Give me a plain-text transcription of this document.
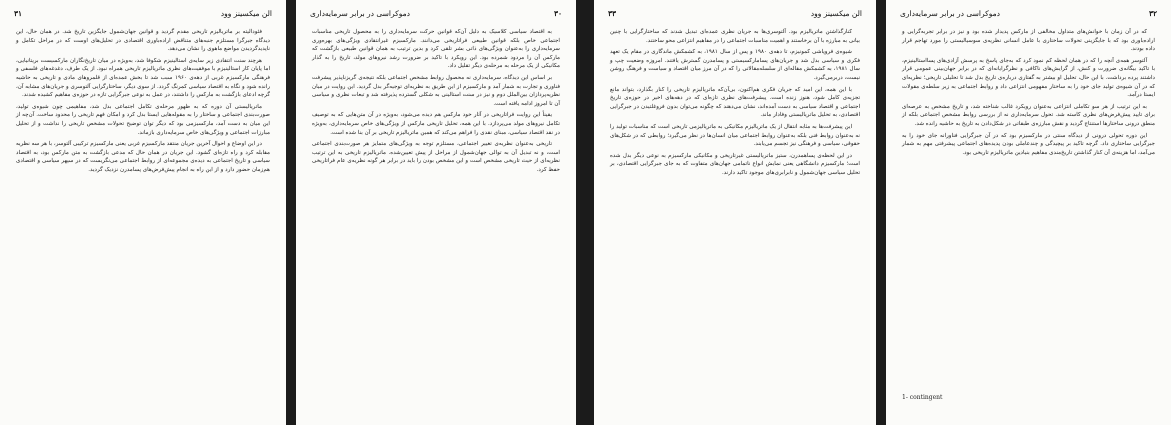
الن میکسینز وود
۳۱

فئودالیته بر ماتریالیزم تاریخی مقدم گردید و قوانین جهان‌شمول جایگزین تاریخ شد. در همان حال، این دیدگاه جبرگرا مستلزم جنبه‌های متناقض اراده‌باوری اقتصادی در تحلیل‌های اوست که در مراحل تکامل و ناپدیدگردیدن مواضع ماهوی را نشان می‌دهد.

هرچند سنت انتقادی زیر سایه‌ی استالینیزم شکوفا شد، به‌ویژه در میان تاریخ‌نگاران مارکسیست بریتانیایی، اما پایان کار استالینیزم با موفقیت‌های نظری ماتریالیزم تاریخی همراه نبود. از یک طرف، دغدغه‌های فلسفی و فرهنگی مارکسیزم غربی از دهه‌ی ۱۹۶۰ سبب شد تا بخش عمده‌ای از قلمروهای مادی و تاریخی به حاشیه رانده شود و نگاه به اقتصاد سیاسی کمرنگ گردد. از سوی دیگر، ساختارگرایی آلتوسری و جریان‌های مشابه آن، گرچه ادعای بازگشت به مارکس را داشتند، در عمل به نوعی جبرگرایی تازه در حوزه‌ی مفاهیم کشیده شدند.

ماتریالیستی آن دوره که به ظهور مرحله‌ی تکامل اجتماعی بدل شد، مفاهیمی چون شیوه‌ی تولید، صورت‌بندی اجتماعی و ساختار را به مقوله‌هایی ایستا بدل کرد و امکان فهم تاریخی را محدود ساخت. آن‌چه از این میان به دست آمد، مارکسیزمی بود که دیگر توان توضیح تحولات مشخص تاریخی را نداشت و از تحلیل مبارزات اجتماعی و ویژگی‌های خاص سرمایه‌داری بازماند.

در این اوضاع و احوال آخرین جریان منتقد مارکسیزم غربی یعنی مارکسیزم ترکیبی آلتوسر، با هر سه نظریه مقابله کرد و راه تازه‌ای گشود. این جریان در همان حال که مدعی بازگشت به متن مارکس بود، به اقتصاد سیاسی و تاریخ اجتماعی به دیده‌ی مجموعه‌ای از روابط اجتماعی می‌نگریست که در سپهر سیاسی و اقتصادی هم‌زمان حضور دارد و از این راه به انجام پیش‌فرض‌های پسامدرن نزدیک گردید.

۳۰
دموکراسی در برابر سرمایه‌داری

به اقتصاد سیاسی کلاسیک به دلیل آن‌که قوانین حرکت سرمایه‌داری را به محصول تاریخی مناسبات اجتماعی خاص بلکه قوانین طبیعی فراتاریخی می‌دانند. مارکسیزم غیرانتقادی ویژگی‌های بهره‌وری سرمایه‌داری را به‌عنوان ویژگی‌های ذاتی بشر تلقی کرد و بدین ترتیب به همان قوانین طبیعی بازگشت که مارکس آن را مردود شمرده بود. این رویکرد با تاکید بر ضرورت رشد نیروهای مولد، تاریخ را به گذار مکانیکی از یک مرحله به مرحله‌ی دیگر تقلیل داد.

بر اساس این دیدگاه، سرمایه‌داری نه محصول روابط مشخص اجتماعی بلکه نتیجه‌ی گریزناپذیر پیشرفت فناوری و تجارت به شمار آمد و مارکسیزم از این طریق به نظریه‌ای توجیه‌گر بدل گردید. این روایت در میان نظریه‌پردازان بین‌الملل دوم و نیز در سنت استالینی به شکلی گسترده پذیرفته شد و تبعات نظری و سیاسی آن تا امروز ادامه یافته است.

یقیناً این روایت فراتاریخی در آثار خود مارکس هم دیده می‌شود، به‌ویژه در آن متن‌هایی که به توصیف تکامل نیروهای مولد می‌پردازد. با این همه، تحلیل تاریخی مارکس از ویژگی‌های خاص سرمایه‌داری، به‌ویژه در نقد اقتصاد سیاسی، مبنای نقدی را فراهم می‌کند که همین ماتریالیزم تاریخی بر آن بنا شده است.

تاریخی به‌عنوان نظریه‌ی تغییر اجتماعی، مستلزم توجه به ویژگی‌های متمایز هر صورت‌بندی اجتماعی است، و نه تبدیل آن به توالی جهان‌شمول از مراحل از پیش تعیین‌شده. ماتریالیزم تاریخی به این ترتیب نظریه‌ای از حیث تاریخی مشخص است و این مشخص بودن را باید در برابر هر گونه نظریه‌ی عام فراتاریخی حفظ کرد.

الن میکسینز وود
۳۳

کنارگذاشتن ماتریالیزم بود. آلتوسری‌ها به جریان نظری عمده‌ای تبدیل شدند که ساختارگرایی با چنین بیانی به مبارزه با آن برخاستند و اهمیت مناسبات اجتماعی را در مفاهیم انتزاعی محو ساختند.

شیوه‌ی فروپاشی کمونیزم، تا دهه‌ی ۱۹۸۰ و پس از سال ۱۹۸۱، به کشمکش ماندگاری در مقام یک تعهد فکری و سیاسی بدل شد و جریان‌های پسامارکسیستی و پسامدرن گسترش یافتند. امروزه وضعیت چپ و سال ۱۹۸۱، به کشمکش مقاله‌ای از سلسله‌مقالاتی را که در آن مرز میان اقتصاد و سیاست و فرهنگ روشن نیست، دربرمی‌گیرد.

با این همه، این امید که جریان فکری هم‌اکنون، بی‌آن‌که ماتریالیزم تاریخی را کنار بگذارد، بتواند مانع تجزیه‌ی کامل شود، هنوز زنده است. پیشرفت‌های نظری تازه‌ای که در دهه‌های اخیر در حوزه‌ی تاریخ اجتماعی و اقتصاد سیاسی به دست آمده‌اند، نشان می‌دهند که چگونه می‌توان بدون فروغلتیدن در جبرگرایی اقتصادی، به تحلیل ماتریالیستی وفادار ماند.

این پیشرفت‌ها به مثابه انتقال از یک ماتریالیزم مکانیکی به ماتریالیزمی تاریخی است که مناسبات تولید را نه به‌عنوان روابط فنی بلکه به‌عنوان روابط اجتماعی میان انسان‌ها در نظر می‌گیرد؛ روابطی که در شکل‌های حقوقی، سیاسی و فرهنگی نیز تجسم می‌یابند.

در این لحظه‌ی پساهمدرن، ستیز ماتریالیستی غیرتاریخی و مکانیکی مارکسیزم به نوعی دیگر بدل شده است؛ مارکسیزم دانشگاهی یعنی نمایش انواع ناتمامی جهان‌های متفاوت که به جای جبرگرایی اقتصادی، بر تحلیل سیاسی جهان‌شمول و نابرابری‌های موجود تاکید دارند.

۳۲
دموکراسی در برابر سرمایه‌داری

که در آن زمان با خوانش‌های متداول مخالفی از مارکس پدیدار شده بود و نیز در برابر تجربه‌گرایی و اراده‌باوری بود که با جایگزینی تحولات ساختاری با عامل انسانی نظریه‌ی سوسیالیستی را مورد تهاجم قرار داده بودند.

آلتوسر همه‌ی آنچه را که در همان لحظه کم نمود کرد که به‌جای پاسخ به پرسش آزادی‌های پسااستالینیزم، با تاکید بیگانه‌ی ضرورت و کنش، از گرایش‌های ناکافی و نظرگرایانه‌ای که در برابر جهان‌بینی عمومی قرار داشتند پرده برداشت. با این حال، تحلیل او بیشتر به گفتاری درباره‌ی تاریخ بدل شد تا تحلیلی تاریخی؛ نظریه‌ای که در آن شیوه‌ی تولید جای خود را به ساختار مفهومی انتزاعی داد و روابط اجتماعی به زیر سلطه‌ی مقولات ایستا درآمد.

به این ترتیب از هر سو تکاملی انتزاعی به‌عنوان رویکرد غالب شناخته شد، و تاریخ مشخص به عرصه‌ای برای تایید پیش‌فرض‌های نظری کاسته شد. تحول سرمایه‌داری نه از بررسی روابط مشخص اجتماعی بلکه از منطق درونی ساختارها استنتاج گردید و نقش مبارزه‌ی طبقاتی در شکل‌دادن به تاریخ به حاشیه رانده شد.

این دوره تحولی درونی از دیدگاه سنتی در مارکسیزم بود که در آن جبرگرایی فناورانه جای خود را به جبرگرایی ساختاری داد. گرچه تاکید بر پیچیدگی و چندعاملی بودن پدیده‌های اجتماعی پیشرفتی مهم به شمار می‌آمد، اما هزینه‌ی آن کنار گذاشتن تاریخ‌مندی مفاهیم بنیادین ماتریالیزم تاریخی بود.

1- contingent
